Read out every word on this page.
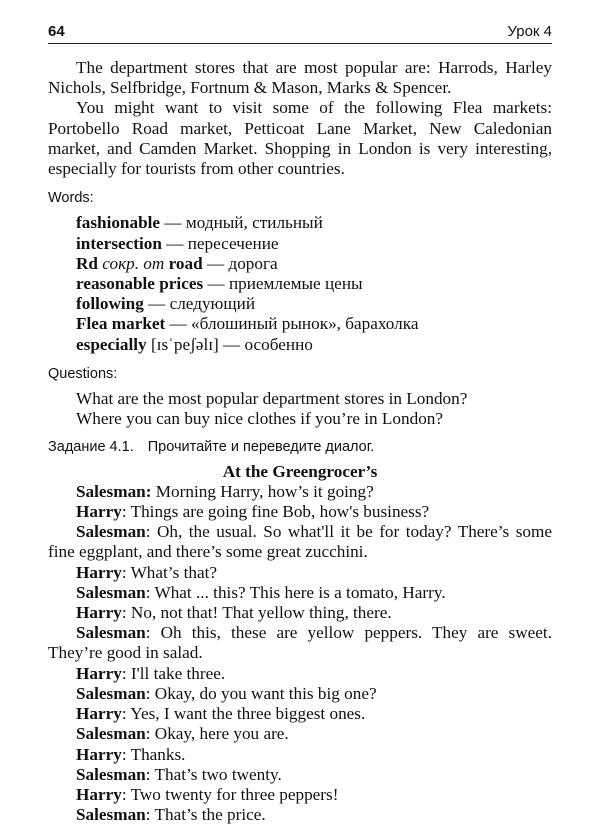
64	Урок 4

The department stores that are most popular are: Harrods, Harley Nichols, Selfbridge, Fortnum & Mason, Marks & Spencer.

You might want to visit some of the following Flea markets: Portobello Road market, Petticoat Lane Market, New Caledonian market, and Camden Market. Shopping in London is very interesting, especially for tourists from other countries.

Words:
fashionable — модный, стильный
intersection — пересечение
Rd сокр. от road — дорога
reasonable prices — приемлемые цены
following — следующий
Flea market — «блошиный рынок», барахолка
especially [ɪsˈpeʃəlɪ] — особенно
Questions:
What are the most popular department stores in London?
Where you can buy nice clothes if you’re in London?
Задание 4.1. Прочитайте и переведите диалог.
At the Greengrocer’s
Salesman: Morning Harry, how’s it going?
Harry: Things are going fine Bob, how's business?
Salesman: Oh, the usual. So what'll it be for today? There’s some fine eggplant, and there’s some great zucchini.
Harry: What’s that?
Salesman: What ... this? This here is a tomato, Harry.
Harry: No, not that! That yellow thing, there.
Salesman: Oh this, these are yellow peppers. They are sweet. They’re good in salad.
Harry: I'll take three.
Salesman: Okay, do you want this big one?
Harry: Yes, I want the three biggest ones.
Salesman: Okay, here you are.
Harry: Thanks.
Salesman: That’s two twenty.
Harry: Two twenty for three peppers!
Salesman: That’s the price.
